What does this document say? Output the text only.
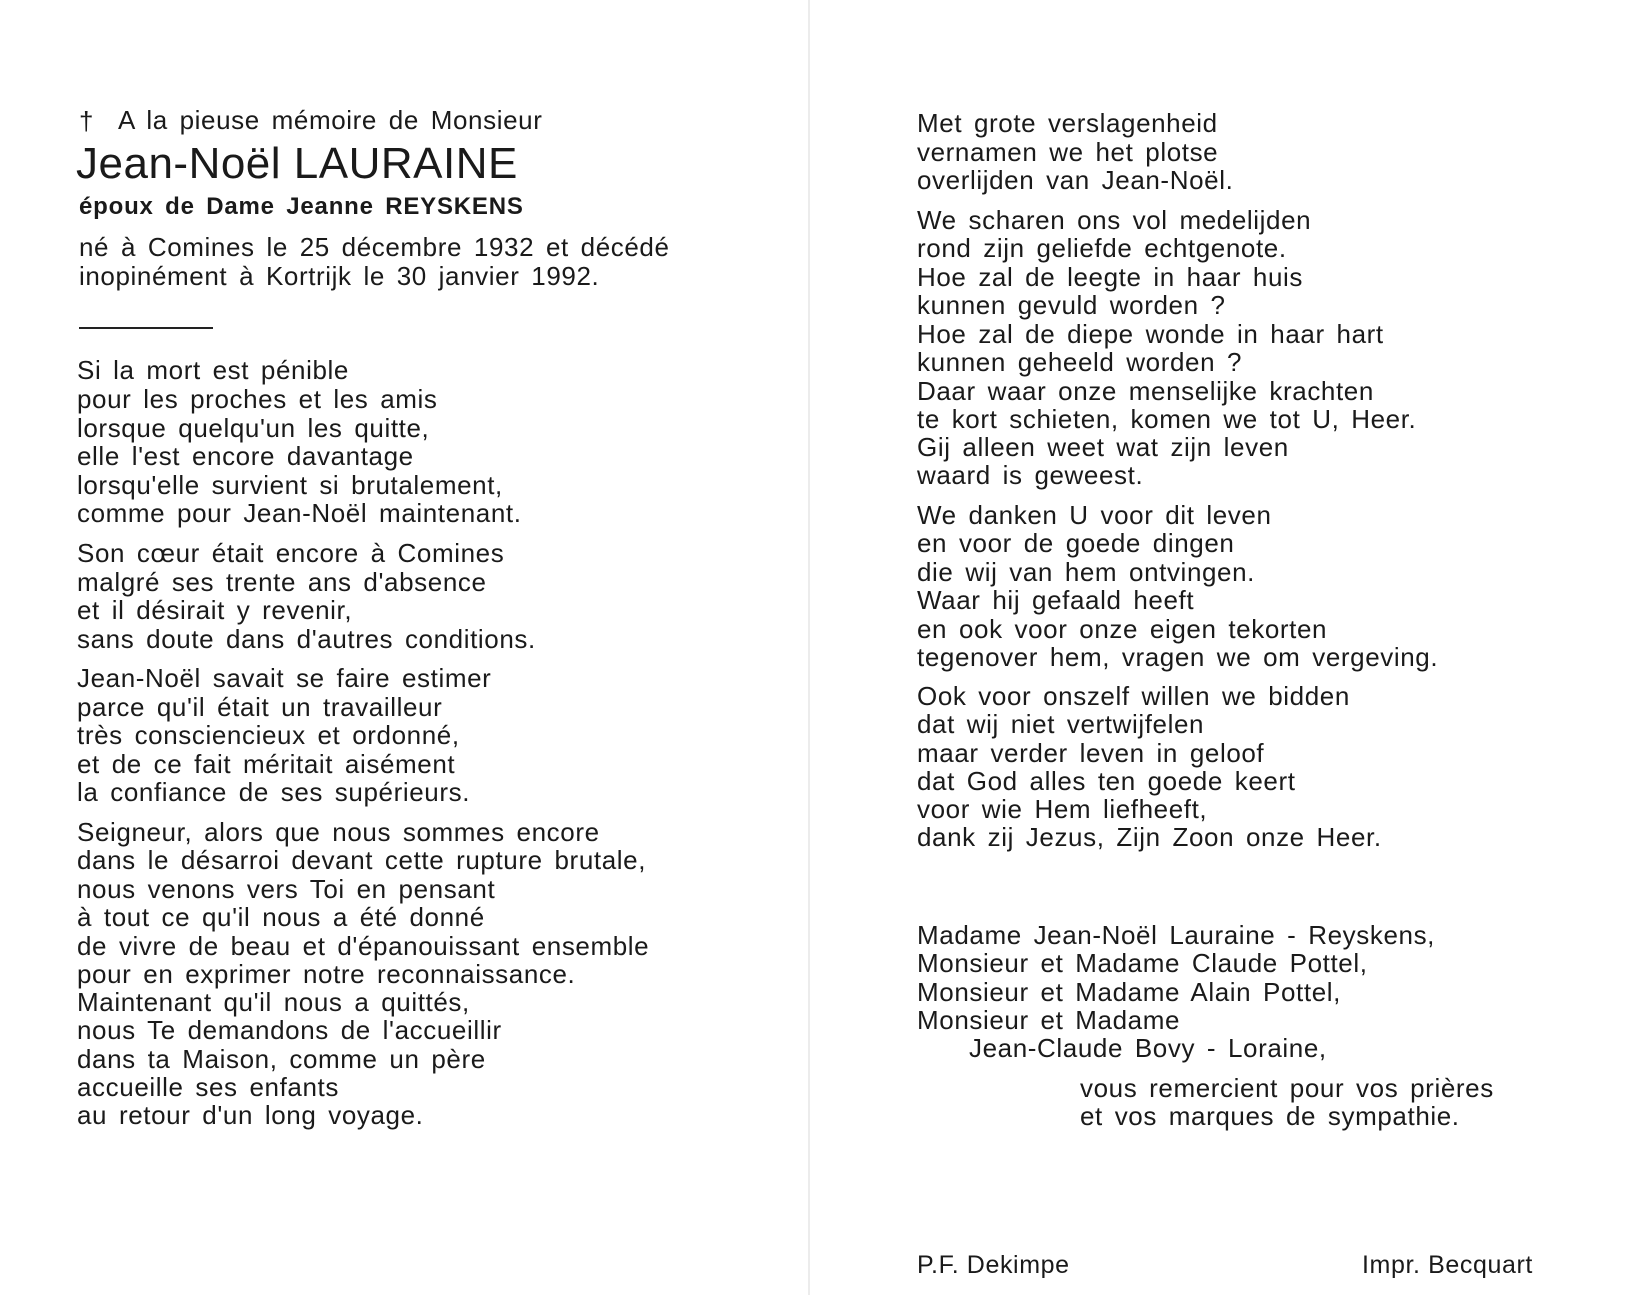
† A la pieuse mémoire de Monsieur
Jean-Noël LAURAINE
époux de Dame Jeanne REYSKENS
né à Comines le 25 décembre 1932 et décédé
inopinément à Kortrijk le 30 janvier 1992.
Si la mort est pénible
pour les proches et les amis
lorsque quelqu'un les quitte,
elle l'est encore davantage
lorsqu'elle survient si brutalement,
comme pour Jean-Noël maintenant.
Son cœur était encore à Comines
malgré ses trente ans d'absence
et il désirait y revenir,
sans doute dans d'autres conditions.
Jean-Noël savait se faire estimer
parce qu'il était un travailleur
très consciencieux et ordonné,
et de ce fait méritait aisément
la confiance de ses supérieurs.
Seigneur, alors que nous sommes encore
dans le désarroi devant cette rupture brutale,
nous venons vers Toi en pensant
à tout ce qu'il nous a été donné
de vivre de beau et d'épanouissant ensemble
pour en exprimer notre reconnaissance.
Maintenant qu'il nous a quittés,
nous Te demandons de l'accueillir
dans ta Maison, comme un père
accueille ses enfants
au retour d'un long voyage.
Met grote verslagenheid
vernamen we het plotse
overlijden van Jean-Noël.
We scharen ons vol medelijden
rond zijn geliefde echtgenote.
Hoe zal de leegte in haar huis
kunnen gevuld worden ?
Hoe zal de diepe wonde in haar hart
kunnen geheeld worden ?
Daar waar onze menselijke krachten
te kort schieten, komen we tot U, Heer.
Gij alleen weet wat zijn leven
waard is geweest.
We danken U voor dit leven
en voor de goede dingen
die wij van hem ontvingen.
Waar hij gefaald heeft
en ook voor onze eigen tekorten
tegenover hem, vragen we om vergeving.
Ook voor onszelf willen we bidden
dat wij niet vertwijfelen
maar verder leven in geloof
dat God alles ten goede keert
voor wie Hem liefheeft,
dank zij Jezus, Zijn Zoon onze Heer.
Madame Jean-Noël Lauraine - Reyskens,
Monsieur et Madame Claude Pottel,
Monsieur et Madame Alain Pottel,
Monsieur et Madame
Jean-Claude Bovy - Loraine,
vous remercient pour vos prières
et vos marques de sympathie.
P.F. Dekimpe	Impr. Becquart
